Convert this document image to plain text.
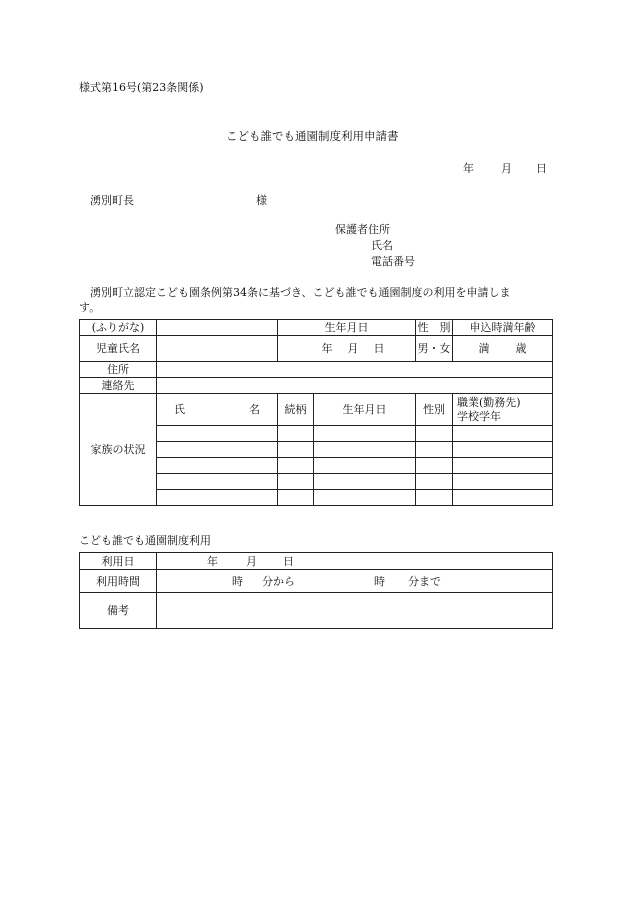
様式第16号(第23条関係)
こども誰でも通園制度利用申請書
年 月 日
湧別町長	様
保護者住所
氏名
電話番号
湧別町立認定こども園条例第34条に基づき、こども誰でも通園制度の利用を申請しま
す。
(ふりがな)		生年月日		性　別	申込時満年齢
児童氏名		年 月 日		男・女	満 歳
住所					
連絡先					
家族の状況	氏 名	続柄	生年月日	性別	職業(勤務先)
学校学年

こども誰でも通園制度利用
利用日	年 月 日
利用時間	時 分から 時 分まで
備考	
